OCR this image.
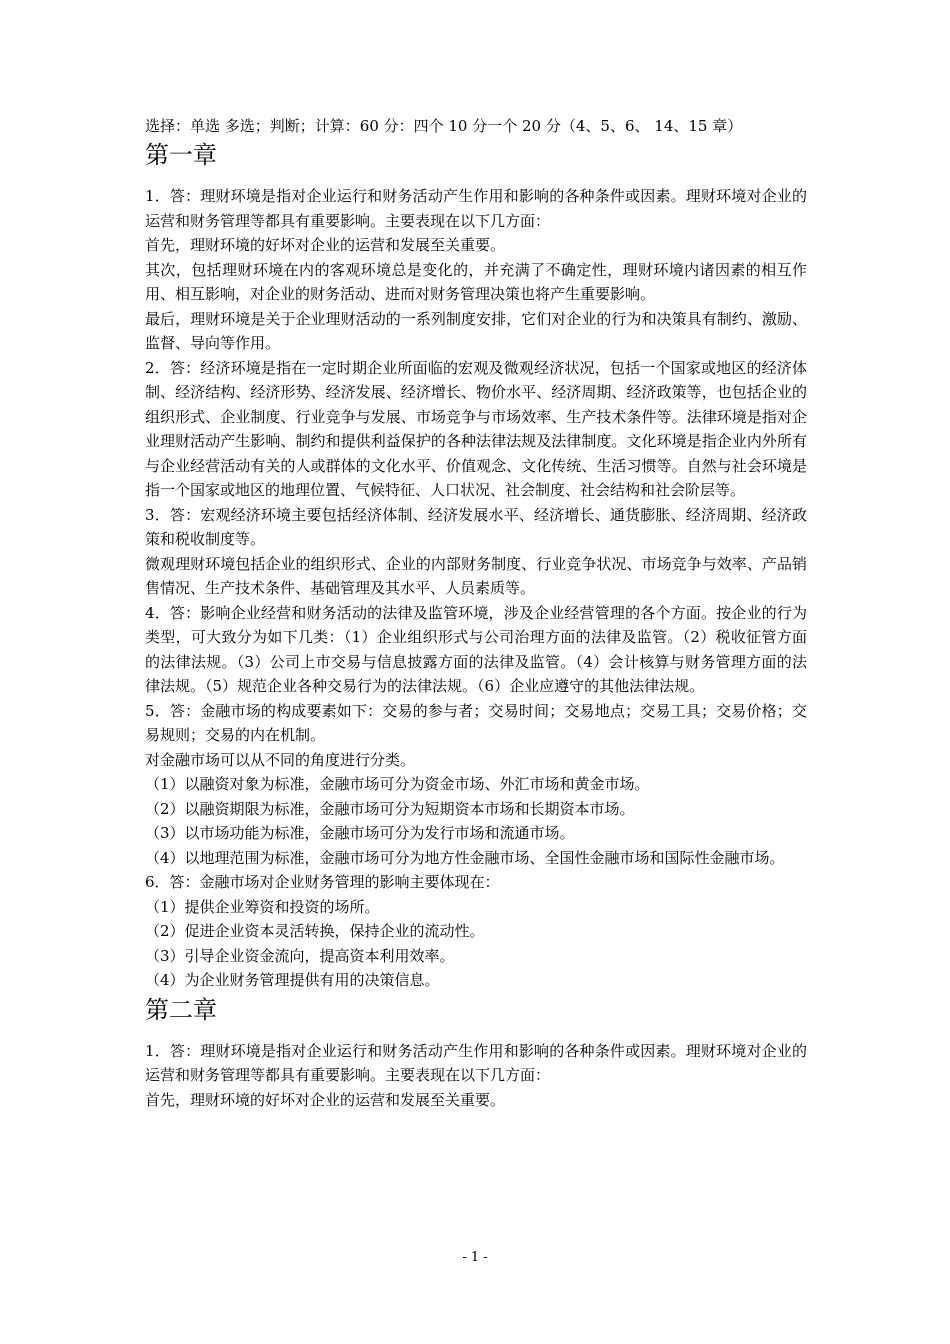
选择：单选 多选；判断；计算：60 分：四个 10 分一个 20 分（4、5、6、 14、15 章）

第一章

1．答：理财环境是指对企业运行和财务活动产生作用和影响的各种条件或因素。理财环境对企业的运营和财务管理等都具有重要影响。主要表现在以下几方面：

首先，理财环境的好坏对企业的运营和发展至关重要。

其次，包括理财环境在内的客观环境总是变化的，并充满了不确定性，理财环境内诸因素的相互作用、相互影响，对企业的财务活动、进而对财务管理决策也将产生重要影响。

最后，理财环境是关于企业理财活动的一系列制度安排，它们对企业的行为和决策具有制约、激励、监督、导向等作用。

2．答：经济环境是指在一定时期企业所面临的宏观及微观经济状况，包括一个国家或地区的经济体制、经济结构、经济形势、经济发展、经济增长、物价水平、经济周期、经济政策等，也包括企业的组织形式、企业制度、行业竞争与发展、市场竞争与市场效率、生产技术条件等。法律环境是指对企业理财活动产生影响、制约和提供利益保护的各种法律法规及法律制度。文化环境是指企业内外所有与企业经营活动有关的人或群体的文化水平、价值观念、文化传统、生活习惯等。自然与社会环境是指一个国家或地区的地理位置、气候特征、人口状况、社会制度、社会结构和社会阶层等。

3．答：宏观经济环境主要包括经济体制、经济发展水平、经济增长、通货膨胀、经济周期、经济政策和税收制度等。

微观理财环境包括企业的组织形式、企业的内部财务制度、行业竞争状况、市场竞争与效率、产品销售情况、生产技术条件、基础管理及其水平、人员素质等。

4．答：影响企业经营和财务活动的法律及监管环境，涉及企业经营管理的各个方面。按企业的行为类型，可大致分为如下几类：（1）企业组织形式与公司治理方面的法律及监管。（2）税收征管方面的法律法规。（3）公司上市交易与信息披露方面的法律及监管。（4）会计核算与财务管理方面的法律法规。（5）规范企业各种交易行为的法律法规。（6）企业应遵守的其他法律法规。

5．答：金融市场的构成要素如下：交易的参与者；交易时间；交易地点；交易工具；交易价格；交易规则；交易的内在机制。

对金融市场可以从不同的角度进行分类。

（1）以融资对象为标准，金融市场可分为资金市场、外汇市场和黄金市场。

（2）以融资期限为标准，金融市场可分为短期资本市场和长期资本市场。

（3）以市场功能为标准，金融市场可分为发行市场和流通市场。

（4）以地理范围为标准，金融市场可分为地方性金融市场、全国性金融市场和国际性金融市场。

6．答：金融市场对企业财务管理的影响主要体现在：

（1）提供企业筹资和投资的场所。

（2）促进企业资本灵活转换，保持企业的流动性。

（3）引导企业资金流向，提高资本利用效率。

（4）为企业财务管理提供有用的决策信息。

第二章

1．答：理财环境是指对企业运行和财务活动产生作用和影响的各种条件或因素。理财环境对企业的运营和财务管理等都具有重要影响。主要表现在以下几方面：

首先，理财环境的好坏对企业的运营和发展至关重要。

- 1 -
